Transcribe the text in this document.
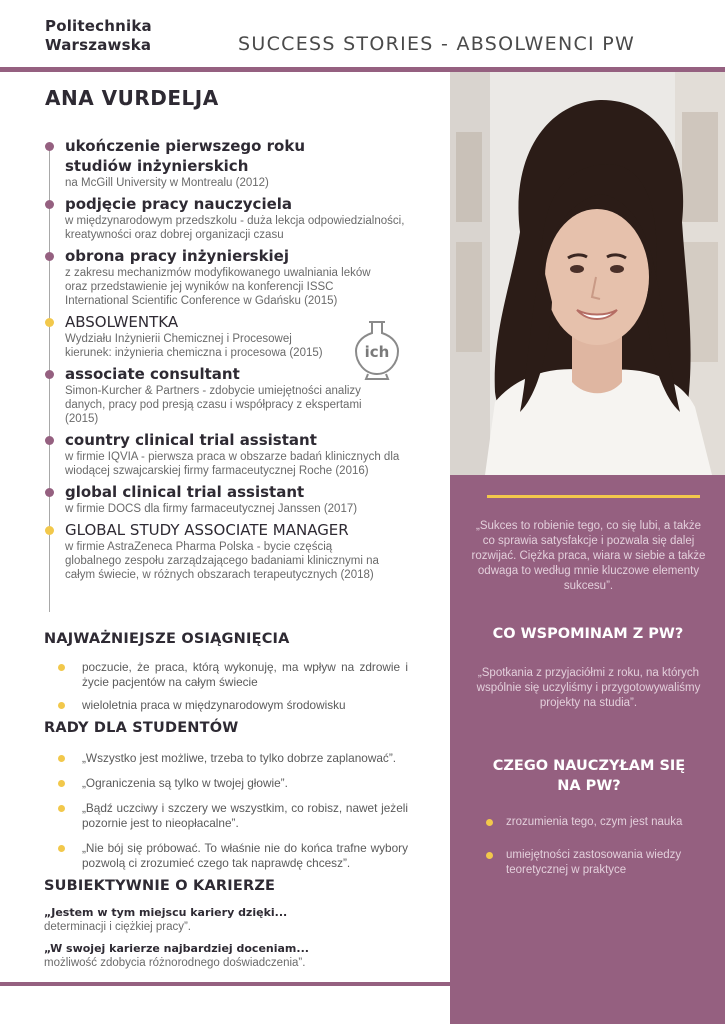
Politechnika
Warszawska	SUCCESS STORIES - ABSOLWENCI PW
ANA VURDELJA
ukończenie pierwszego roku studiów inżynierskich
na McGill University w Montrealu (2012)
podjęcie pracy nauczyciela
w międzynarodowym przedszkolu - duża lekcja odpowiedzialności, kreatywności oraz dobrej organizacji czasu
obrona pracy inżynierskiej
z zakresu mechanizmów modyfikowanego uwalniania leków oraz przedstawienie jej wyników na konferencji ISSC International Scientific Conference w Gdańsku (2015)
ABSOLWENTKA
Wydziału Inżynierii Chemicznej i Procesowej kierunek: inżynieria chemiczna i procesowa (2015)
associate consultant
Simon-Kurcher & Partners - zdobycie umiejętności analizy danych, pracy pod presją czasu i współpracy z ekspertami (2015)
country clinical trial assistant
w firmie IQVIA - pierwsza praca w obszarze badań klinicznych dla wiodącej szwajcarskiej firmy farmaceutycznej Roche (2016)
global clinical trial assistant
w firmie DOCS dla firmy farmaceutycznej Janssen (2017)
GLOBAL STUDY ASSOCIATE MANAGER
w firmie AstraZeneca Pharma Polska - bycie częścią globalnego zespołu zarządzającego badaniami klinicznymi na całym świecie, w różnych obszarach terapeutycznych (2018)
ich
NAJWAŻNIEJSZE OSIĄGNIĘCIA
poczucie, że praca, którą wykonuję, ma wpływ na zdrowie i życie pacjentów na całym świecie
wieloletnia praca w międzynarodowym środowisku
RADY DLA STUDENTÓW
„Wszystko jest możliwe, trzeba to tylko dobrze zaplanować”.
„Ograniczenia są tylko w twojej głowie”.
„Bądź uczciwy i szczery we wszystkim, co robisz, nawet jeżeli pozornie jest to nieopłacalne”.
„Nie bój się próbować. To właśnie nie do końca trafne wybory pozwolą ci zrozumieć czego tak naprawdę chcesz”.
SUBIEKTYWNIE O KARIERZE
„Jestem w tym miejscu kariery dzięki...
determinacji i ciężkiej pracy”.
„W swojej karierze najbardziej doceniam...
możliwość zdobycia różnorodnego doświadczenia”.
„Sukces to robienie tego, co się lubi, a także co sprawia satysfakcje i pozwala się dalej rozwijać. Ciężka praca, wiara w siebie a także odwaga to według mnie kluczowe elementy sukcesu”.
CO WSPOMINAM Z PW?
„Spotkania z przyjaciółmi z roku, na których wspólnie się uczyliśmy i przygotowywaliśmy projekty na studia”.
CZEGO NAUCZYŁAM SIĘ NA PW?
zrozumienia tego, czym jest nauka
umiejętności zastosowania wiedzy teoretycznej w praktyce
